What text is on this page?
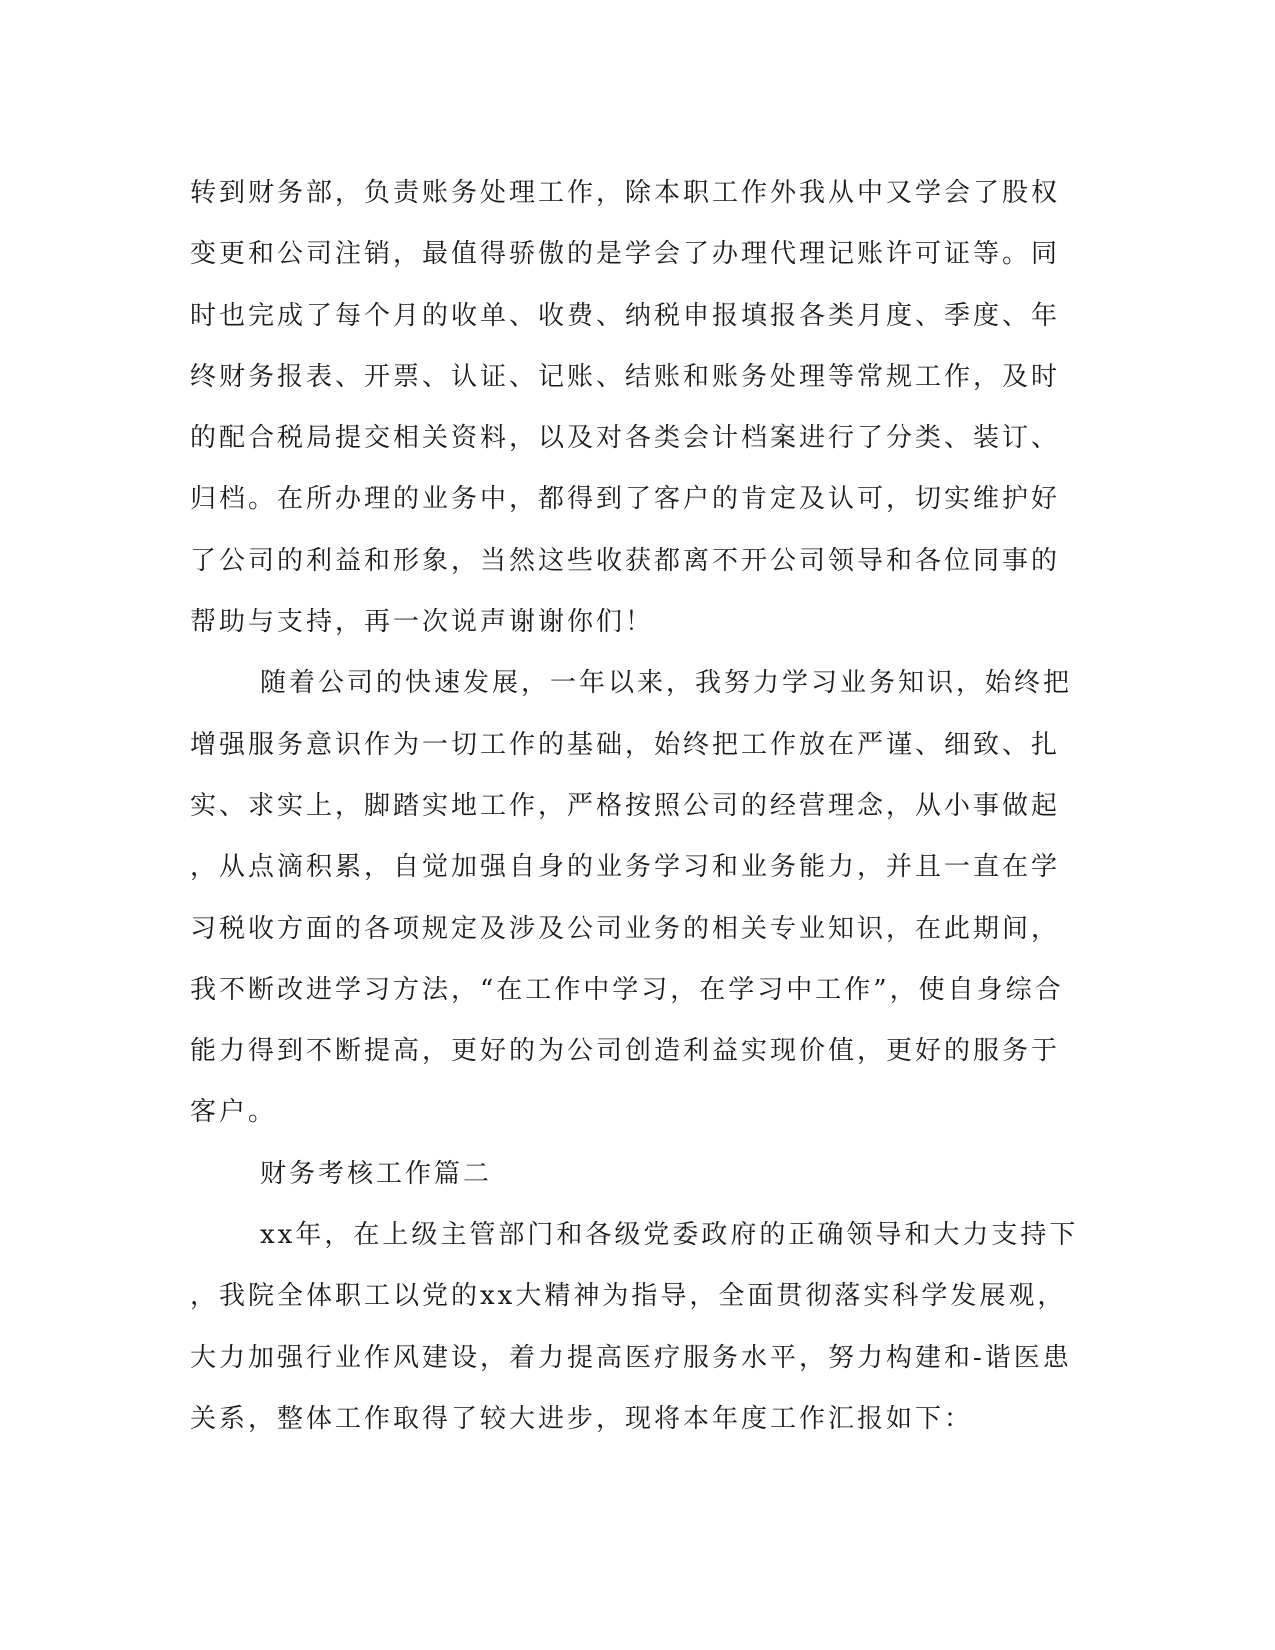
转到财务部，负责账务处理工作，除本职工作外我从中又学会了股权
变更和公司注销，最值得骄傲的是学会了办理代理记账许可证等。同
时也完成了每个月的收单、收费、纳税申报填报各类月度、季度、年
终财务报表、开票、认证、记账、结账和账务处理等常规工作，及时
的配合税局提交相关资料，以及对各类会计档案进行了分类、装订、
归档。在所办理的业务中，都得到了客户的肯定及认可，切实维护好
了公司的利益和形象，当然这些收获都离不开公司领导和各位同事的
帮助与支持，再一次说声谢谢你们！
随着公司的快速发展，一年以来，我努力学习业务知识，始终把
增强服务意识作为一切工作的基础，始终把工作放在严谨、细致、扎
实、求实上，脚踏实地工作，严格按照公司的经营理念，从小事做起
，从点滴积累，自觉加强自身的业务学习和业务能力，并且一直在学
习税收方面的各项规定及涉及公司业务的相关专业知识，在此期间，
我不断改进学习方法，“在工作中学习，在学习中工作”，使自身综合
能力得到不断提高，更好的为公司创造利益实现价值，更好的服务于
客户。
财务考核工作篇二
xx年，在上级主管部门和各级党委政府的正确领导和大力支持下
，我院全体职工以党的xx大精神为指导，全面贯彻落实科学发展观，
大力加强行业作风建设，着力提高医疗服务水平，努力构建和-谐医患
关系，整体工作取得了较大进步，现将本年度工作汇报如下：
